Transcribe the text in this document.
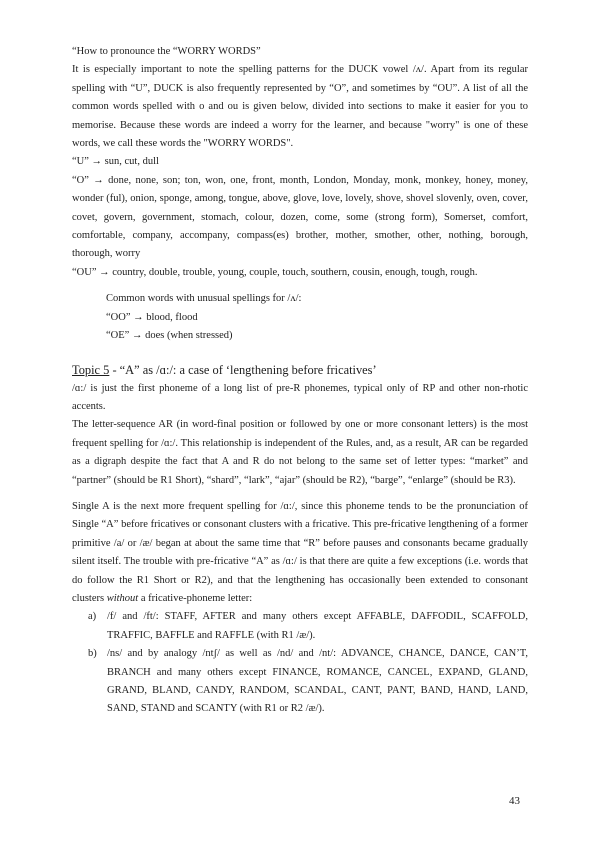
“How to pronounce the “WORRY WORDS”

It is especially important to note the spelling patterns for the DUCK vowel /ʌ/. Apart from its regular spelling with “U”, DUCK is also frequently represented by “O”, and sometimes by “OU”. A list of all the common words spelled with o and ou is given below, divided into sections to make it easier for you to memorise. Because these words are indeed a worry for the learner, and because "worry" is one of these words, we call these words the "WORRY WORDS".

“U” → sun, cut, dull

“O” → done, none, son; ton, won, one, front, month, London, Monday, monk, monkey, honey, money, wonder (ful), onion, sponge, among, tongue, above, glove, love, lovely, shove, shovel slovenly, oven, cover, covet, govern, government, stomach, colour, dozen, come, some (strong form), Somerset, comfort, comfortable, company, accompany, compass(es) brother, mother, smother, other, nothing, borough, thorough, worry

“OU” → country, double, trouble, young, couple, touch, southern, cousin, enough, tough, rough.

Common words with unusual spellings for /ʌ/:

“OO” → blood, flood

“OE” → does (when stressed)

Topic 5 - “A” as /ɑ:/: a case of ‘lengthening before fricatives’

/ɑ:/ is just the first phoneme of a long list of pre-R phonemes, typical only of RP and other non-rhotic accents.

The letter-sequence AR (in word-final position or followed by one or more consonant letters) is the most frequent spelling for /ɑ:/. This relationship is independent of the Rules, and, as a result, AR can be regarded as a digraph despite the fact that A and R do not belong to the same set of letter types: “market” and “partner” (should be R1 Short), “shard”, “lark”, “ajar” (should be R2), “barge”, “enlarge” (should be R3).

Single A is the next more frequent spelling for /ɑ:/, since this phoneme tends to be the pronunciation of Single “A” before fricatives or consonant clusters with a fricative. This pre-fricative lengthening of a former primitive /a/ or /æ/ began at about the same time that “R” before pauses and consonants became gradually silent itself. The trouble with pre-fricative “A” as /ɑ:/ is that there are quite a few exceptions (i.e. words that do follow the R1 Short or R2), and that the lengthening has occasionally been extended to consonant clusters without a fricative-phoneme letter:

a) /f/ and /ft/: STAFF, AFTER and many others except AFFABLE, DAFFODIL, SCAFFOLD, TRAFFIC, BAFFLE and RAFFLE (with R1 /æ/).
b) /ns/ and by analogy /ntʃ/ as well as /nd/ and /nt/: ADVANCE, CHANCE, DANCE, CAN’T, BRANCH and many others except FINANCE, ROMANCE, CANCEL, EXPAND, GLAND, GRAND, BLAND, CANDY, RANDOM, SCANDAL, CANT, PANT, BAND, HAND, LAND, SAND, STAND and SCANTY (with R1 or R2 /æ/).
43
